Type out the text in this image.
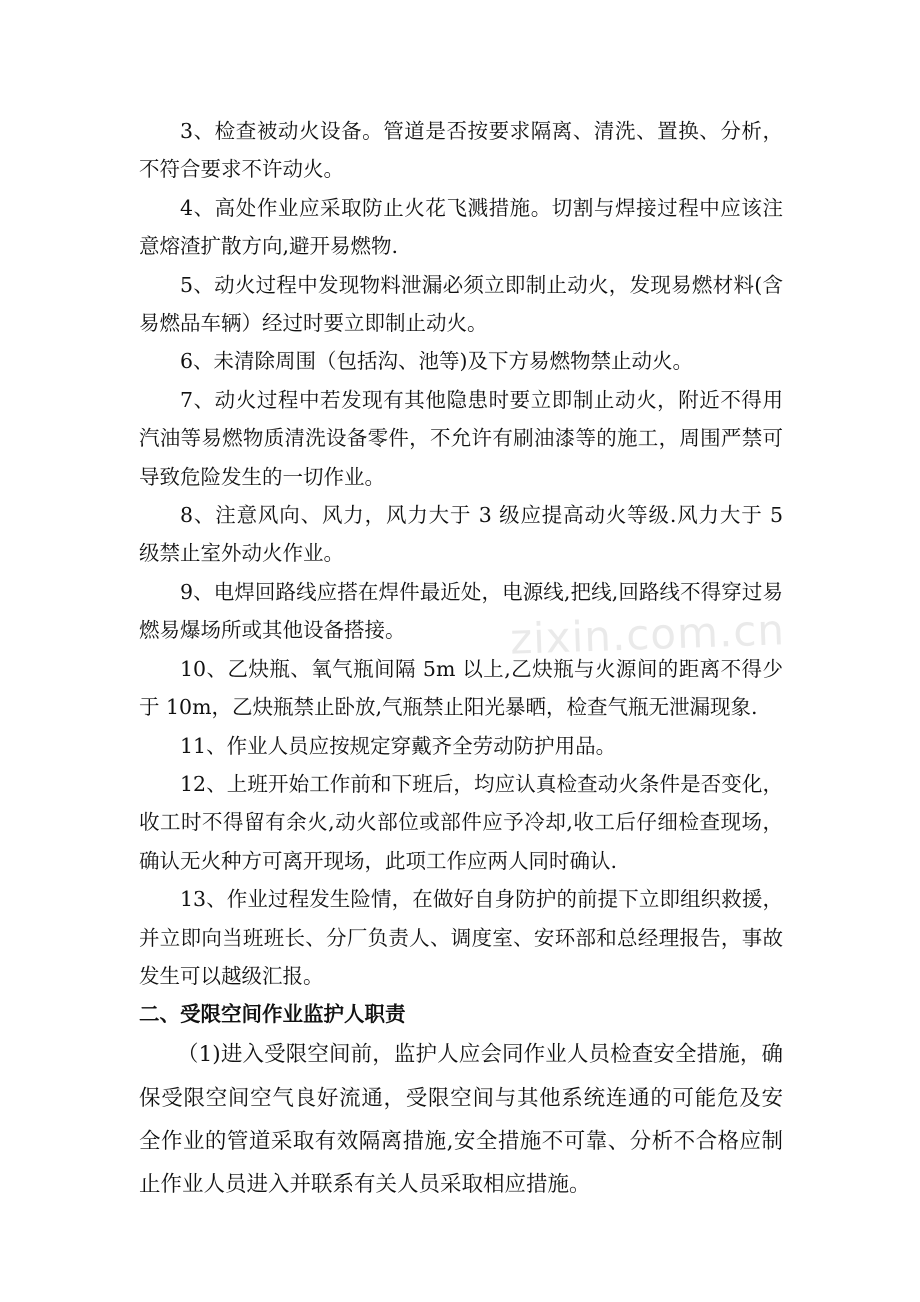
3、检查被动火设备。管道是否按要求隔离、清洗、置换、分析，不符合要求不许动火。

4、高处作业应采取防止火花飞溅措施。切割与焊接过程中应该注意熔渣扩散方向,避开易燃物.

5、动火过程中发现物料泄漏必须立即制止动火，发现易燃材料(含易燃品车辆）经过时要立即制止动火。

6、未清除周围（包括沟、池等)及下方易燃物禁止动火。

7、动火过程中若发现有其他隐患时要立即制止动火，附近不得用汽油等易燃物质清洗设备零件，不允许有刷油漆等的施工，周围严禁可导致危险发生的一切作业。

8、注意风向、风力，风力大于 3 级应提高动火等级.风力大于 5 级禁止室外动火作业。

9、电焊回路线应搭在焊件最近处，电源线,把线,回路线不得穿过易燃易爆场所或其他设备搭接。

10、乙炔瓶、氧气瓶间隔 5m 以上,乙炔瓶与火源间的距离不得少于 10m，乙炔瓶禁止卧放,气瓶禁止阳光暴晒，检查气瓶无泄漏现象.

11、作业人员应按规定穿戴齐全劳动防护用品。

12、上班开始工作前和下班后，均应认真检查动火条件是否变化，收工时不得留有余火,动火部位或部件应予冷却,收工后仔细检查现场，确认无火种方可离开现场，此项工作应两人同时确认.

13、作业过程发生险情，在做好自身防护的前提下立即组织救援，并立即向当班班长、分厂负责人、调度室、安环部和总经理报告，事故发生可以越级汇报。

二、受限空间作业监护人职责

（1)进入受限空间前，监护人应会同作业人员检查安全措施，确保受限空间空气良好流通，受限空间与其他系统连通的可能危及安全作业的管道采取有效隔离措施,安全措施不可靠、分析不合格应制止作业人员进入并联系有关人员采取相应措施。

zixin.com.cn
